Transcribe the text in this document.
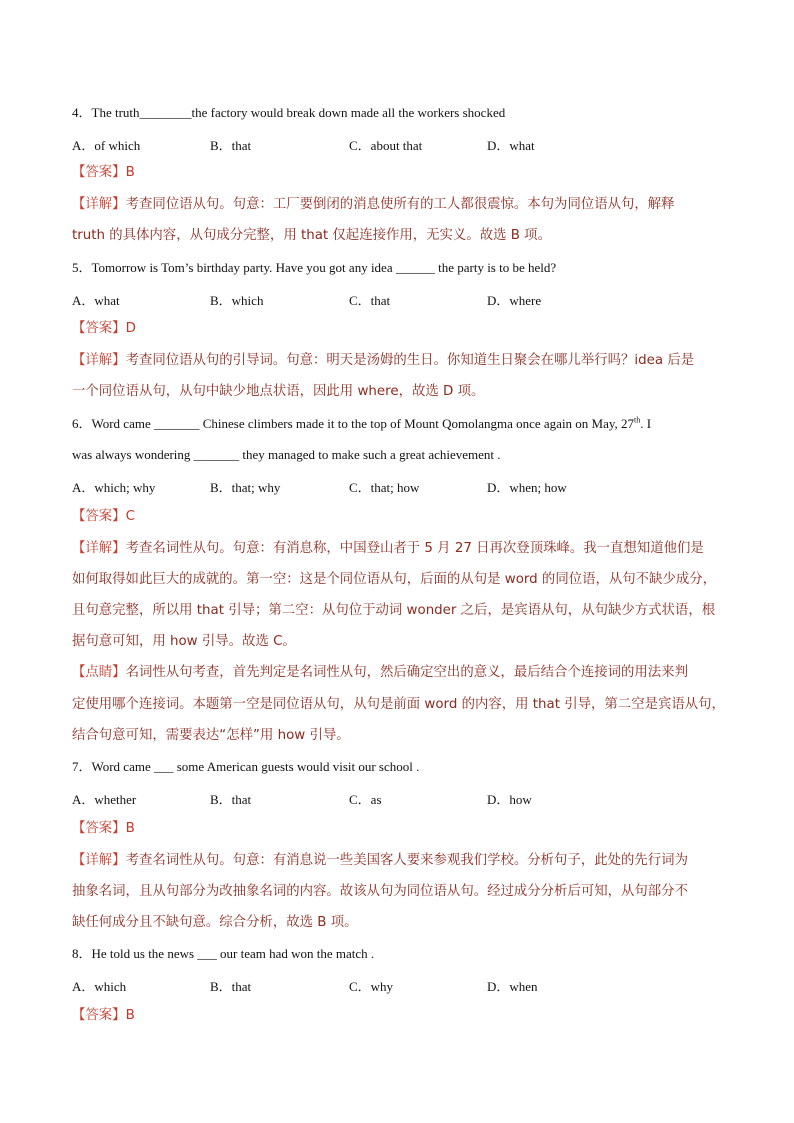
4．The truth________the factory would break down made all the workers shocked
A．of which	B．that	C．about that	D．what
【答案】B
【详解】考查同位语从句。句意：工厂要倒闭的消息使所有的工人都很震惊。本句为同位语从句，解释
truth 的具体内容，从句成分完整，用 that 仅起连接作用，无实义。故选 B 项。
5．Tomorrow is Tom’s birthday party. Have you got any idea ______ the party is to be held?
A．what	B．which	C．that	D．where
【答案】D
【详解】考查同位语从句的引导词。句意：明天是汤姆的生日。你知道生日聚会在哪儿举行吗？idea 后是
一个同位语从句，从句中缺少地点状语，因此用 where，故选 D 项。
6．Word came _______ Chinese climbers made it to the top of Mount Qomolangma once again on May, 27th. I
was always wondering _______ they managed to make such a great achievement .
A．which; why	B．that; why	C．that; how	D．when; how
【答案】C
【详解】考查名词性从句。句意：有消息称，中国登山者于 5 月 27 日再次登顶珠峰。我一直想知道他们是
如何取得如此巨大的成就的。第一空：这是个同位语从句，后面的从句是 word 的同位语，从句不缺少成分，
且句意完整，所以用 that 引导；第二空：从句位于动词 wonder 之后，是宾语从句，从句缺少方式状语，根
据句意可知，用 how 引导。故选 C。
【点睛】名词性从句考查，首先判定是名词性从句，然后确定空出的意义，最后结合个连接词的用法来判
定使用哪个连接词。本题第一空是同位语从句，从句是前面 word 的内容，用 that 引导，第二空是宾语从句，
结合句意可知，需要表达“怎样”用 how 引导。
7．Word came ___ some American guests would visit our school .
A．whether	B．that	C．as	D．how
【答案】B
【详解】考查名词性从句。句意：有消息说一些美国客人要来参观我们学校。分析句子，此处的先行词为
抽象名词，且从句部分为改抽象名词的内容。故该从句为同位语从句。经过成分分析后可知，从句部分不
缺任何成分且不缺句意。综合分析，故选 B 项。
8．He told us the news ___ our team had won the match .
A．which	B．that	C．why	D．when
【答案】B
